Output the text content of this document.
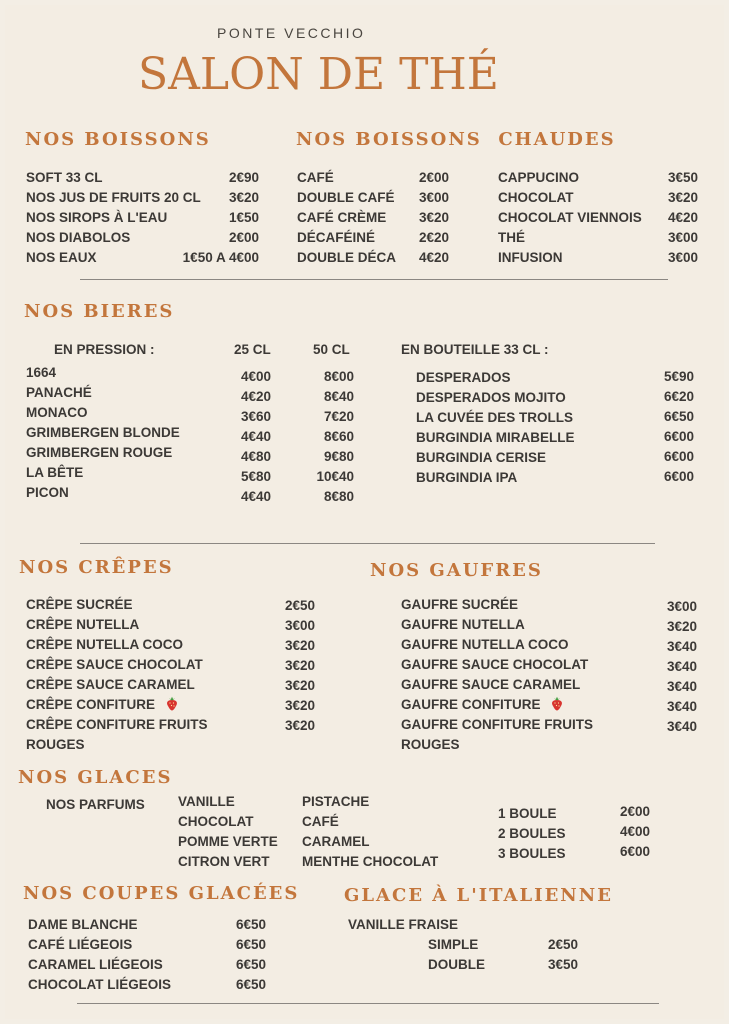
PONTE VECCHIO
SALON DE THÉ
NOS BOISSONS
SOFT 33 CL	2€90
NOS JUS DE FRUITS 20 CL	3€20
NOS SIROPS À L'EAU	1€50
NOS DIABOLOS	2€00
NOS EAUX	1€50 A 4€00
NOS BOISSONS  CHAUDES
CAFÉ	2€00
DOUBLE CAFÉ	3€00
CAFÉ CRÈME	3€20
DÉCAFÉINÉ	2€20
DOUBLE DÉCA	4€20
CAPPUCINO	3€50
CHOCOLAT	3€20
CHOCOLAT VIENNOIS	4€20
THÉ	3€00
INFUSION	3€00
NOS BIERES
EN PRESSION :	25 CL	50 CL
1664	4€00	8€00
PANACHÉ	4€20	8€40
MONACO	3€60	7€20
GRIMBERGEN BLONDE	4€40	8€60
GRIMBERGEN ROUGE	4€80	9€80
LA BÊTE	5€80	10€40
PICON	4€40	8€80
EN BOUTEILLE 33 CL :
DESPERADOS	5€90
DESPERADOS MOJITO	6€20
LA CUVÉE DES TROLLS	6€50
BURGINDIA MIRABELLE	6€00
BURGINDIA CERISE	6€00
BURGINDIA IPA	6€00
NOS CRÊPES
CRÊPE SUCRÉE	2€50
CRÊPE NUTELLA	3€00
CRÊPE NUTELLA COCO	3€20
CRÊPE SAUCE CHOCOLAT	3€20
CRÊPE SAUCE CARAMEL	3€20
CRÊPE CONFITURE	3€20
CRÊPE CONFITURE FRUITS	3€20
ROUGES
NOS GAUFRES
GAUFRE SUCRÉE	3€00
GAUFRE NUTELLA	3€20
GAUFRE NUTELLA COCO	3€40
GAUFRE SAUCE CHOCOLAT	3€40
GAUFRE SAUCE CARAMEL	3€40
GAUFRE CONFITURE	3€40
GAUFRE CONFITURE FRUITS	3€40
ROUGES
NOS GLACES
NOS PARFUMS VANILLE
CHOCOLAT
POMME VERTE
CITRON VERT
PISTACHE
CAFÉ
CARAMEL
MENTHE CHOCOLAT
1 BOULE	2€00
2 BOULES	4€00
3 BOULES	6€00
NOS COUPES GLACÉES
DAME BLANCHE	6€50
CAFÉ LIÉGEOIS	6€50
CARAMEL LIÉGEOIS	6€50
CHOCOLAT LIÉGEOIS	6€50
GLACE À L'ITALIENNE
VANILLE FRAISE
SIMPLE	2€50
DOUBLE	3€50
